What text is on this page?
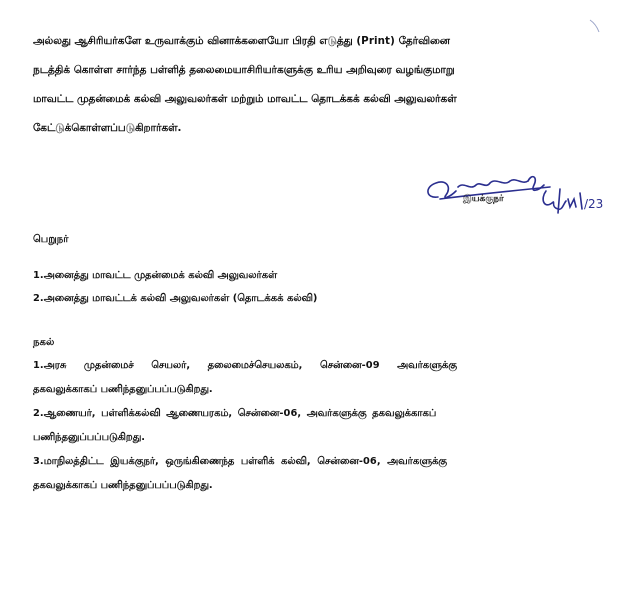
அல்லது ஆசிரியர்களே உருவாக்கும் வினாக்களையோ பிரதி எடுத்து (Print) தேர்வினை
நடத்திக் கொள்ள சார்ந்த பள்ளித் தலைமையாசிரியர்களுக்கு உரிய அறிவுரை வழங்குமாறு
மாவட்ட முதன்மைக் கல்வி அலுவலர்கள் மற்றும் மாவட்ட தொடக்கக் கல்வி அலுவலர்கள்
கேட்டுக்கொள்ளப்படுகிறார்கள்.
/23
இயக்குநர்
பெறுநர்
1.அனைத்து மாவட்ட முதன்மைக் கல்வி அலுவலர்கள்
2.அனைத்து மாவட்டக் கல்வி அலுவலர்கள் (தொடக்கக் கல்வி)
நகல்
1.அரசு முதன்மைச் செயலர், தலைமைச்செயலகம், சென்னை-09 அவர்களுக்கு
தகவலுக்காகப் பணிந்தனுப்பப்படுகிறது.
2.ஆணையர், பள்ளிக்கல்வி ஆணையரகம், சென்னை-06, அவர்களுக்கு தகவலுக்காகப்
பணிந்தனுப்பப்படுகிறது.
3.மாநிலத்திட்ட இயக்குநர், ஒருங்கிணைந்த பள்ளிக் கல்வி, சென்னை-06, அவர்களுக்கு
தகவலுக்காகப் பணிந்தனுப்பப்படுகிறது.
